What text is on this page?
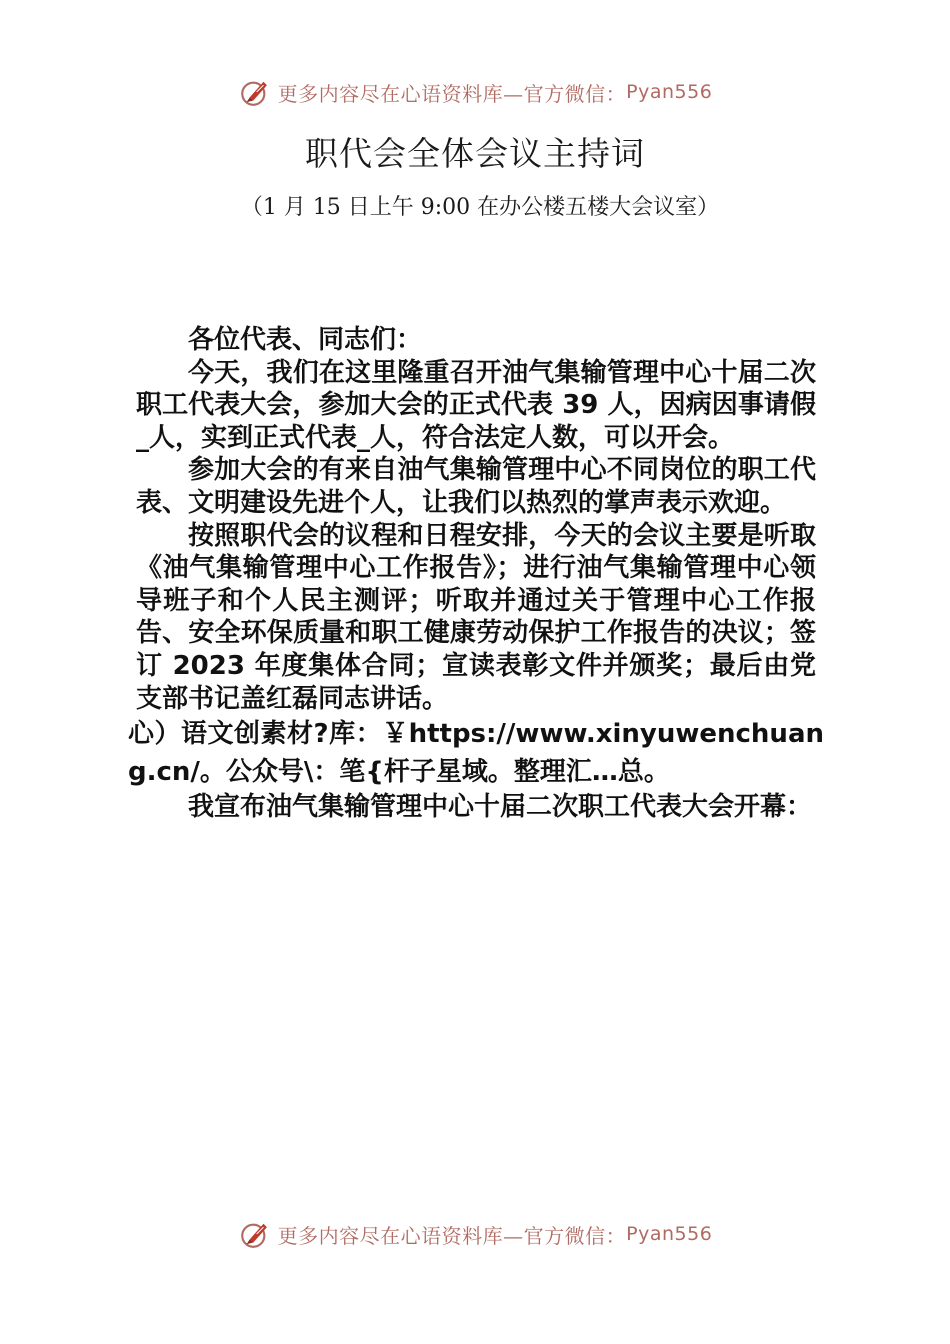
更多内容尽在心语资料库—官方微信： Pyan556
职代会全体会议主持词
（1 月 15 日上午 9:00 在办公楼五楼大会议室）

各位代表、同志们：

今天，我们在这里隆重召开油气集输管理中心十届二次职工代表大会，参加大会的正式代表 39 人，因病因事请假_人，实到正式代表_人，符合法定人数，可以开会。

参加大会的有来自油气集输管理中心不同岗位的职工代表、文明建设先进个人，让我们以热烈的掌声表示欢迎。

按照职代会的议程和日程安排，今天的会议主要是听取《油气集输管理中心工作报告》；进行油气集输管理中心领导班子和个人民主测评；听取并通过关于管理中心工作报告、安全环保质量和职工健康劳动保护工作报告的决议；签订 2023 年度集体合同；宣读表彰文件并颁奖；最后由党支部书记盖红磊同志讲话。

心）语文创素材?库：￥https://www.xinyuwenchuang.cn/。公众号\：笔{杆子星域。整理汇…总。

我宣布油气集输管理中心十届二次职工代表大会开幕：

更多内容尽在心语资料库—官方微信： Pyan556
